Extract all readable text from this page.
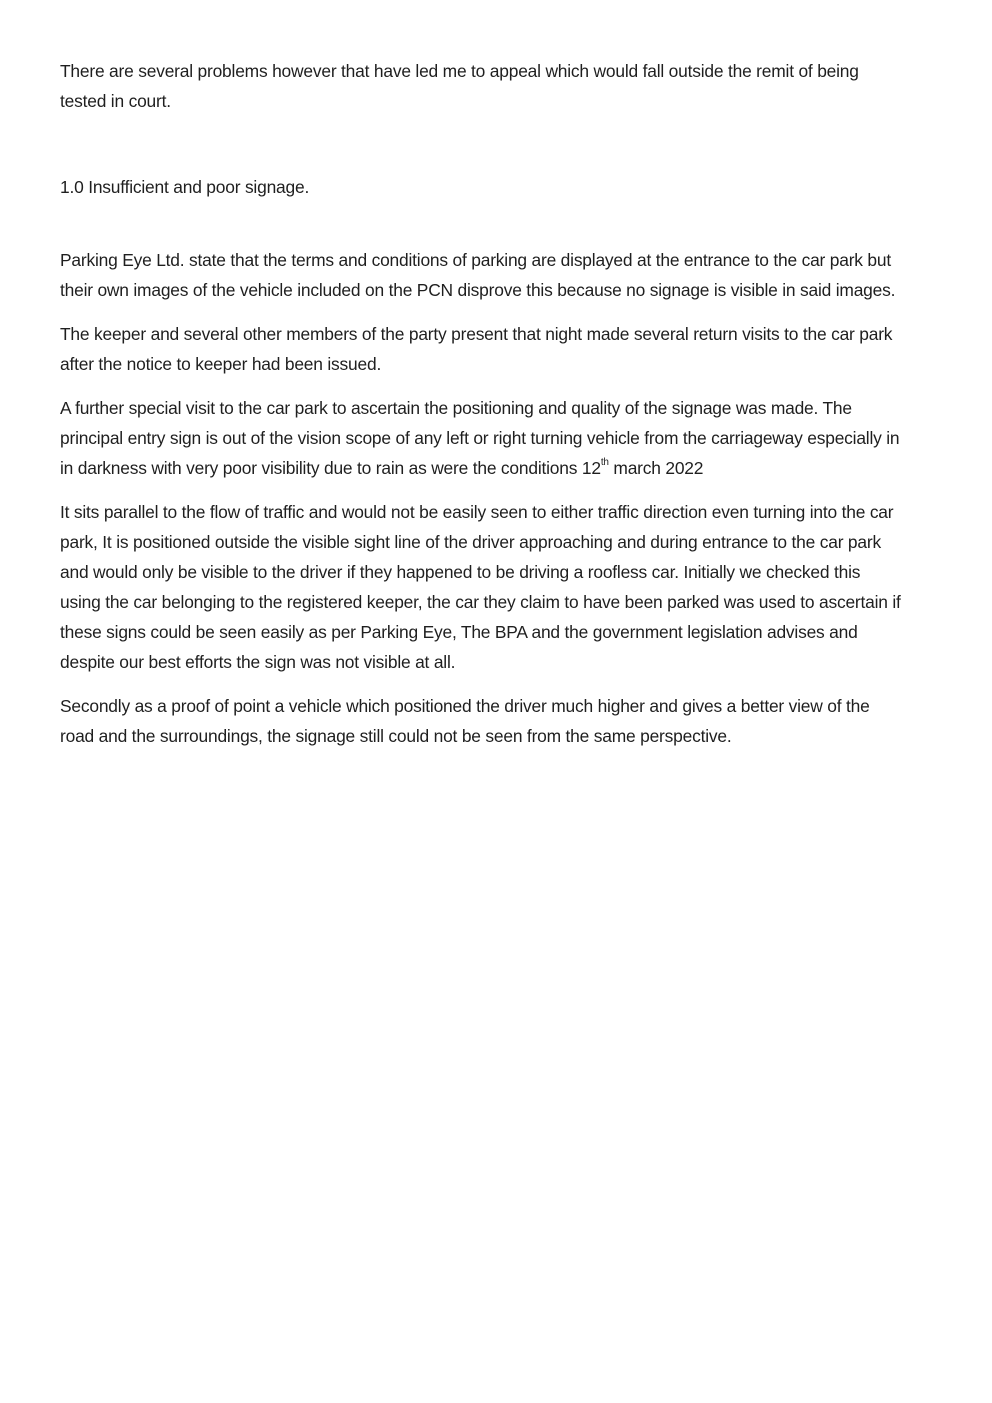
There are several problems however that have led me to appeal which would fall outside the remit of being
tested in court.

1.0 Insufficient and poor signage.

Parking Eye Ltd. state that the terms and conditions of parking are displayed at the entrance to the car park but
their own images of the vehicle included on the PCN disprove this because no signage is visible in said images.

The keeper and several other members of the party present that night made several return visits to the car park
after the notice to keeper had been issued.

A further special visit to the car park to ascertain the positioning and quality of the signage was made. The
principal entry sign is out of the vision scope of any left or right turning vehicle from the carriageway especially in
in darkness with very poor visibility due to rain as were the conditions 12th march 2022

It sits parallel to the flow of traffic and would not be easily seen to either traffic direction even turning into the car
park, It is positioned outside the visible sight line of the driver approaching and during entrance to the car park
and would only be visible to the driver if they happened to be driving a roofless car. Initially we checked this
using the car belonging to the registered keeper, the car they claim to have been parked was used to ascertain if
these signs could be seen easily as per Parking Eye, The BPA and the government legislation advises and
despite our best efforts the sign was not visible at all.

Secondly as a proof of point a vehicle which positioned the driver much higher and gives a better view of the
road and the surroundings, the signage still could not be seen from the same perspective.
